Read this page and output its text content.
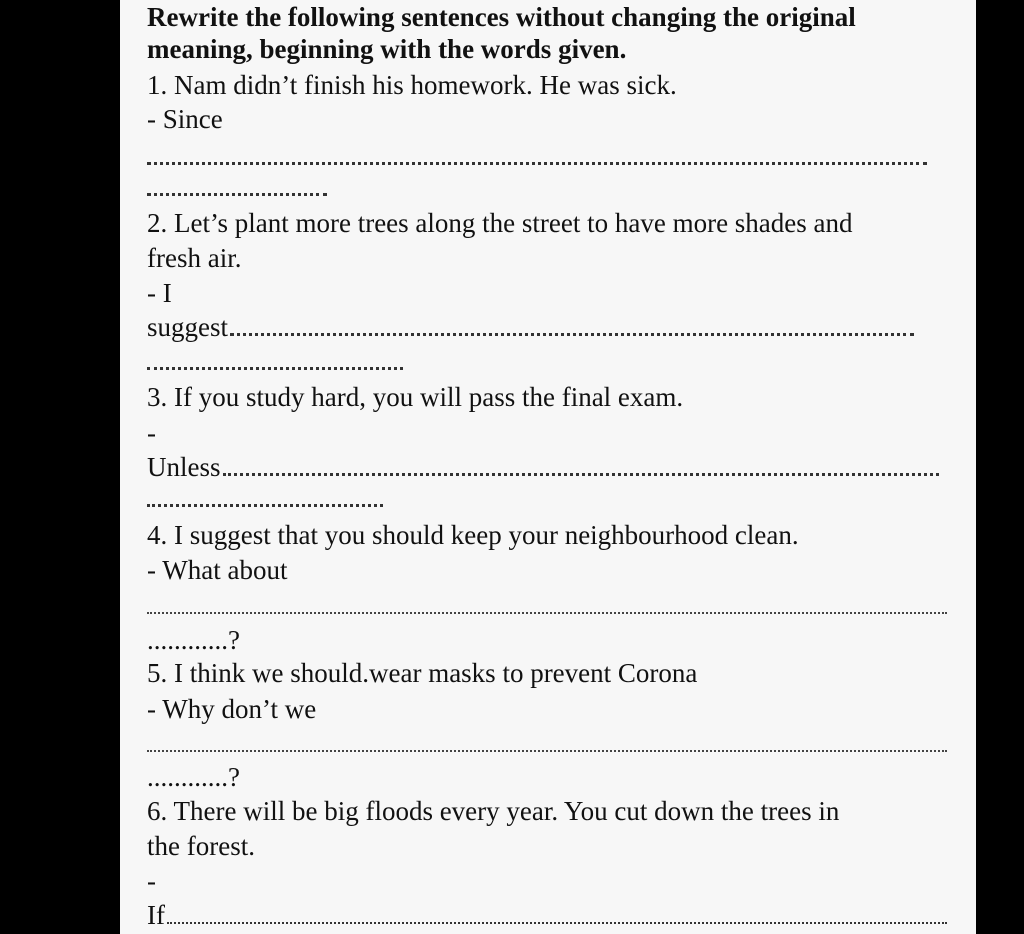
Rewrite the following sentences without changing the original
meaning, beginning with the words given.
1. Nam didn’t finish his homework. He was sick.
- Since
2. Let’s plant more trees along the street to have more shades and
fresh air.
- I
suggest
3. If you study hard, you will pass the final exam.
-
Unless
4. I suggest that you should keep your neighbourhood clean.
- What about
............?
5. I think we should.wear masks to prevent Corona
- Why don’t we
............?
6. There will be big floods every year. You cut down the trees in
the forest.
-
If
